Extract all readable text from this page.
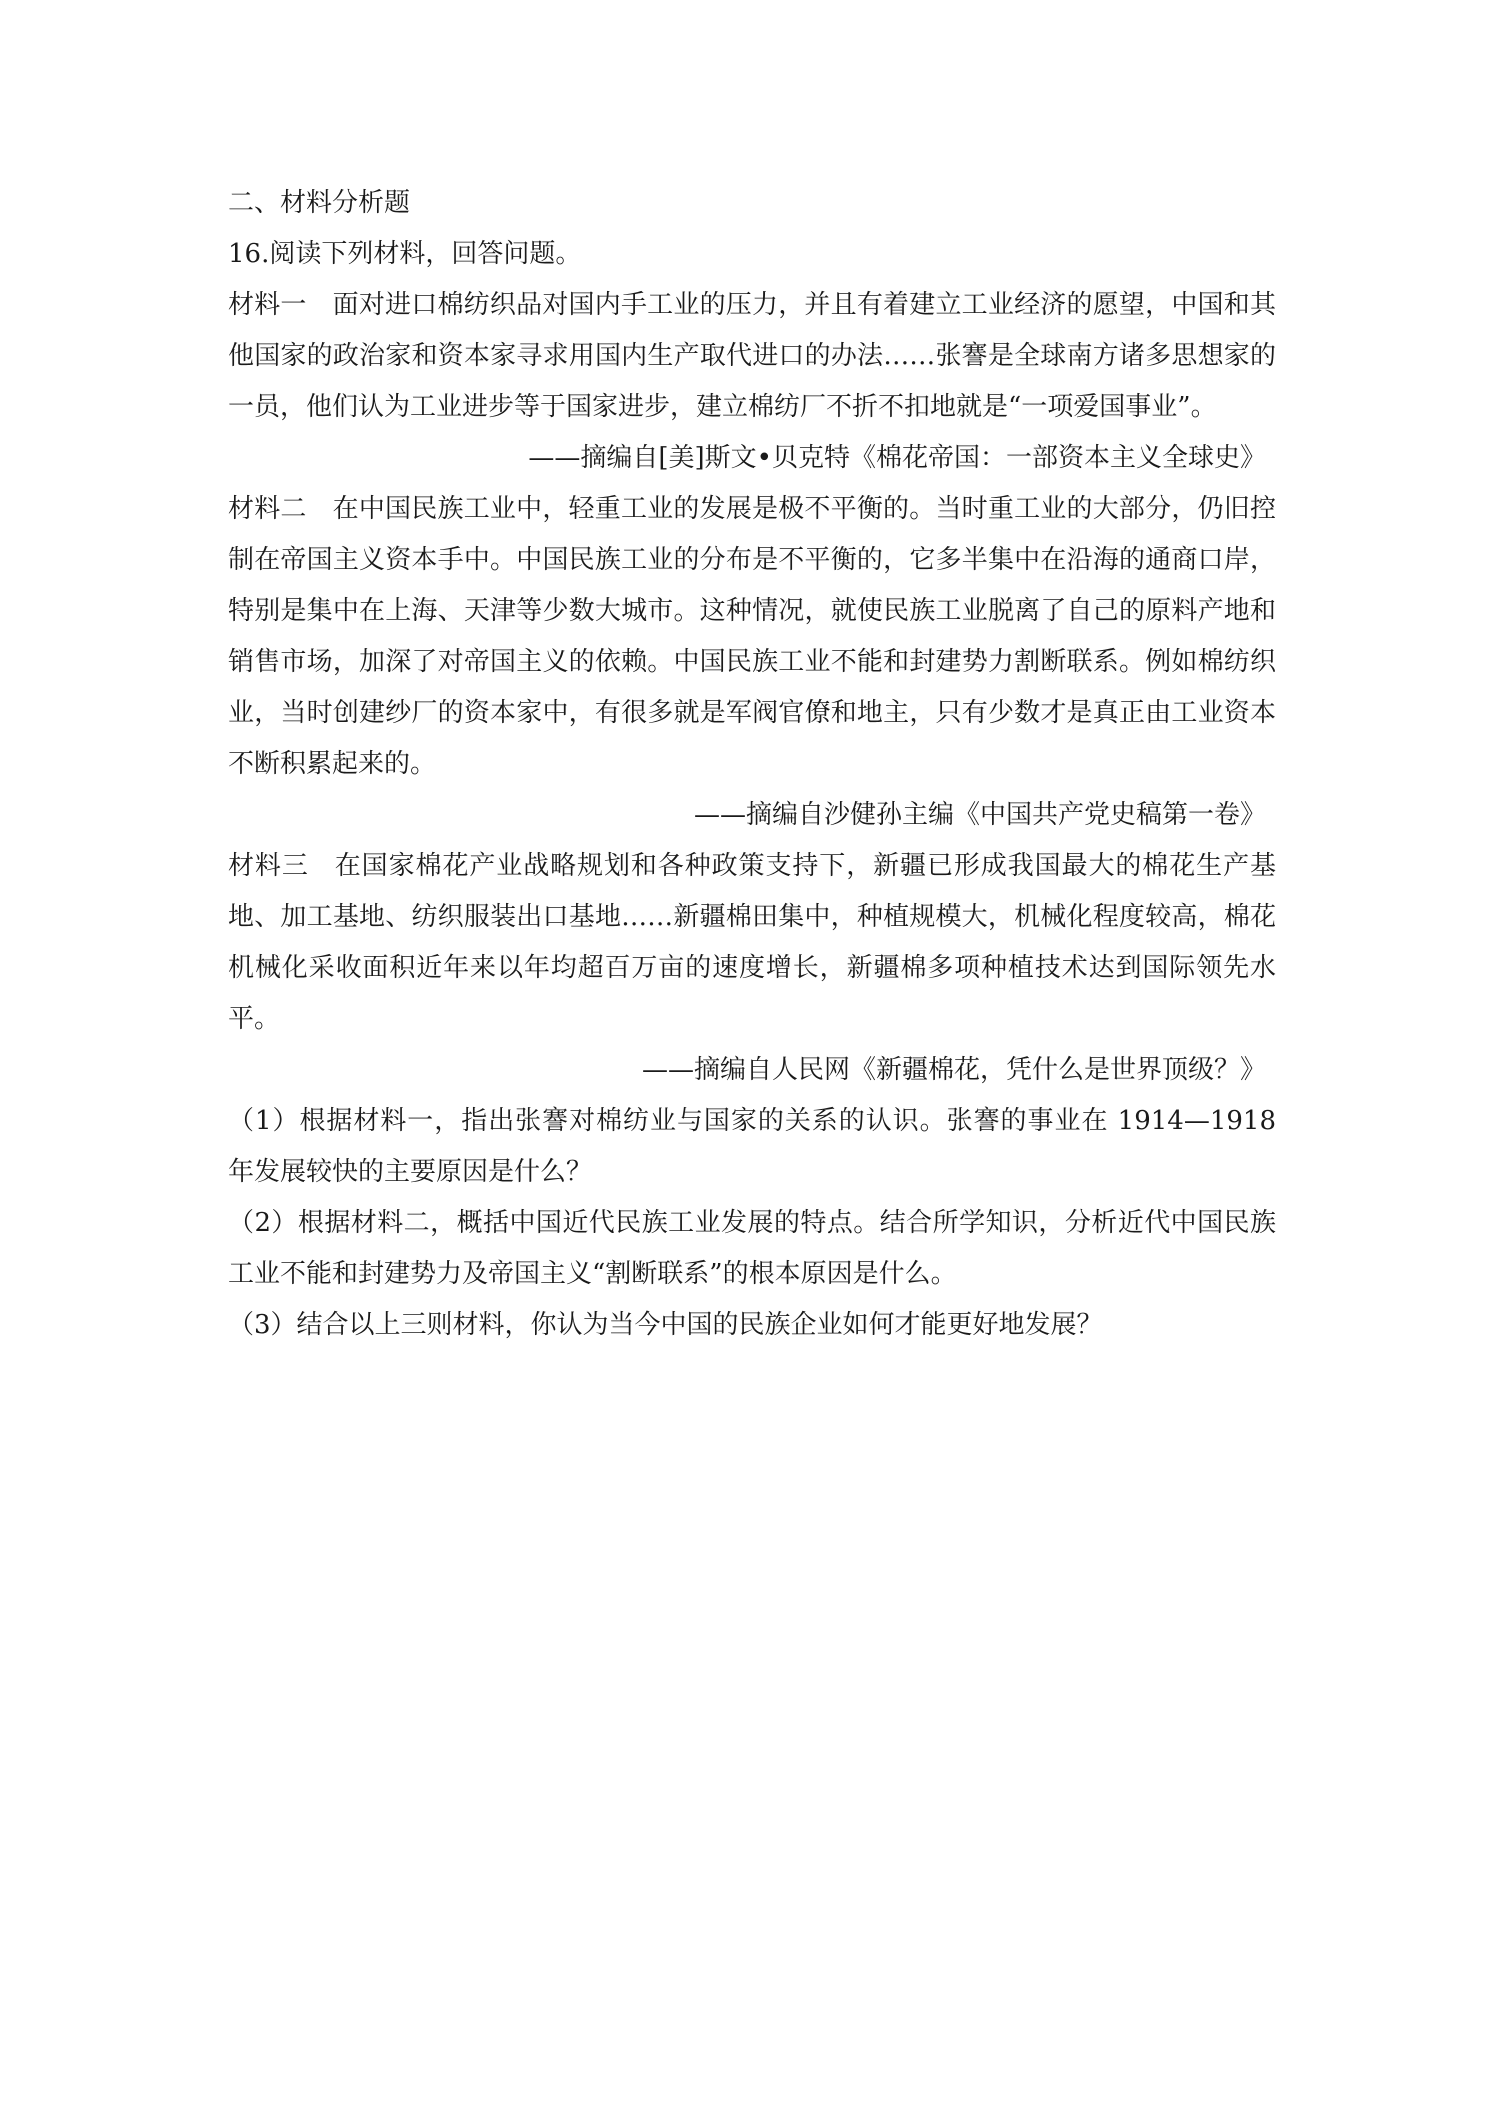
二、材料分析题

16.阅读下列材料，回答问题。

材料一 面对进口棉纺织品对国内手工业的压力，并且有着建立工业经济的愿望，中国和其他国家的政治家和资本家寻求用国内生产取代进口的办法……张謇是全球南方诸多思想家的一员，他们认为工业进步等于国家进步，建立棉纺厂不折不扣地就是“一项爱国事业”。

——摘编自[美]斯文•贝克特《棉花帝国：一部资本主义全球史》

材料二 在中国民族工业中，轻重工业的发展是极不平衡的。当时重工业的大部分，仍旧控制在帝国主义资本手中。中国民族工业的分布是不平衡的，它多半集中在沿海的通商口岸，特别是集中在上海、天津等少数大城市。这种情况，就使民族工业脱离了自己的原料产地和销售市场，加深了对帝国主义的依赖。中国民族工业不能和封建势力割断联系。例如棉纺织业，当时创建纱厂的资本家中，有很多就是军阀官僚和地主，只有少数才是真正由工业资本不断积累起来的。

——摘编自沙健孙主编《中国共产党史稿第一卷》

材料三 在国家棉花产业战略规划和各种政策支持下，新疆已形成我国最大的棉花生产基地、加工基地、纺织服装出口基地……新疆棉田集中，种植规模大，机械化程度较高，棉花机械化采收面积近年来以年均超百万亩的速度增长，新疆棉多项种植技术达到国际领先水平。

——摘编自人民网《新疆棉花，凭什么是世界顶级？》

（1）根据材料一，指出张謇对棉纺业与国家的关系的认识。张謇的事业在 1914—1918 年发展较快的主要原因是什么？

（2）根据材料二，概括中国近代民族工业发展的特点。结合所学知识，分析近代中国民族工业不能和封建势力及帝国主义“割断联系”的根本原因是什么。

（3）结合以上三则材料，你认为当今中国的民族企业如何才能更好地发展？
